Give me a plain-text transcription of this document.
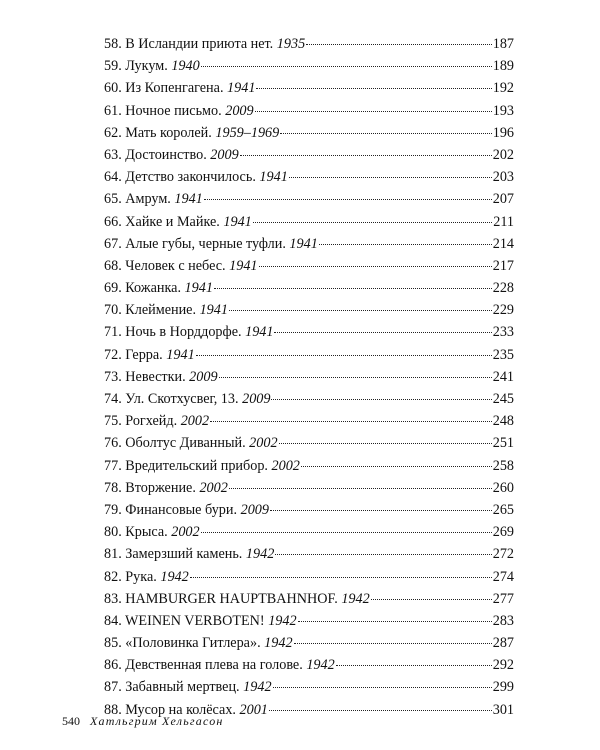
58. В Исландии приюта нет. 1935	187
59. Лукум. 1940	189
60. Из Копенгагена. 1941	192
61. Ночное письмо. 2009	193
62. Мать королей. 1959–1969	196
63. Достоинство. 2009	202
64. Детство закончилось. 1941	203
65. Амрум. 1941	207
66. Хайке и Майке. 1941	211
67. Алые губы, черные туфли. 1941	214
68. Человек с небес. 1941	217
69. Кожанка. 1941	228
70. Клеймение. 1941	229
71. Ночь в Норддорфе. 1941	233
72. Герра. 1941	235
73. Невестки. 2009	241
74. Ул. Скотхусвег, 13. 2009	245
75. Рогхейд. 2002	248
76. Оболтус Диванный. 2002	251
77. Вредительский прибор. 2002	258
78. Вторжение. 2002	260
79. Финансовые бури. 2009	265
80. Крыса. 2002	269
81. Замерзший камень. 1942	272
82. Рука. 1942	274
83. HAMBURGER HAUPTBAHNHOF. 1942	277
84. WEINEN VERBOTEN! 1942	283
85. «Половинка Гитлера». 1942	287
86. Девственная плева на голове. 1942	292
87. Забавный мертвец. 1942	299
88. Мусор на колёсах. 2001	301
540 Хатльгрим Хельгасон
